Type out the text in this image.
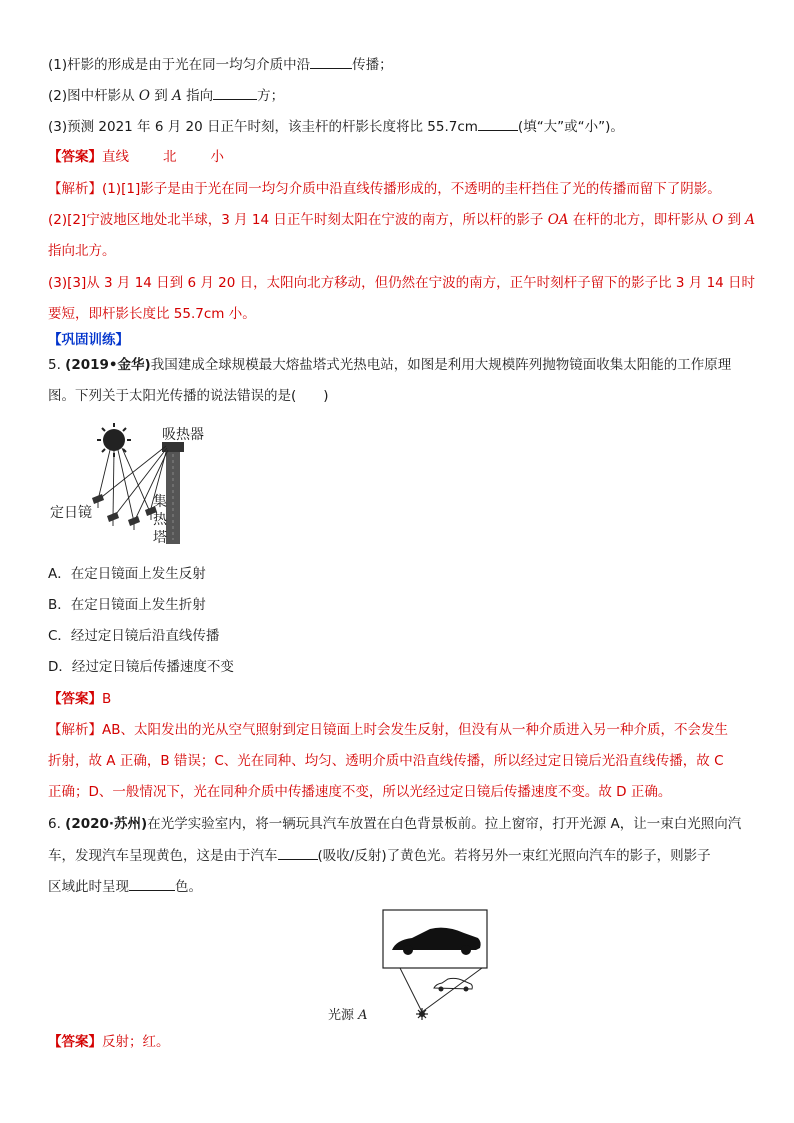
(1)杆影的形成是由于光在同一均匀介质中沿	传播；
(2)图中杆影从 O 到 A 指向	方；
(3)预测 2021 年 6 月 20 日正午时刻，该圭杆的杆影长度将比 55.7cm	(填“大”或“小”)。
【答案】直线	北	小
【解析】(1)[1]影子是由于光在同一均匀介质中沿直线传播形成的，不透明的圭杆挡住了光的传播而留下了阴影。
(2)[2]宁波地区地处北半球，3 月 14 日正午时刻太阳在宁波的南方，所以杆的影子 OA 在杆的北方，即杆影从 O 到 A
指向北方。
(3)[3]从 3 月 14 日到 6 月 20 日，太阳向北方移动，但仍然在宁波的南方，正午时刻杆子留下的影子比 3 月 14 日时
要短，即杆影长度比 55.7cm 小。
【巩固训练】
5. (2019•金华)我国建成全球规模最大熔盐塔式光热电站，如图是利用大规模阵列抛物镜面收集太阳能的工作原理
图。下列关于太阳光传播的说法错误的是(　　)
吸热器
定日镜
集
热
塔
A．在定日镜面上发生反射
B．在定日镜面上发生折射
C．经过定日镜后沿直线传播
D．经过定日镜后传播速度不变
【答案】B
【解析】AB、太阳发出的光从空气照射到定日镜面上时会发生反射，但没有从一种介质进入另一种介质，不会发生
折射，故 A 正确，B 错误；C、光在同种、均匀、透明介质中沿直线传播，所以经过定日镜后光沿直线传播，故 C
正确；D、一般情况下，光在同种介质中传播速度不变，所以光经过定日镜后传播速度不变。故 D 正确。
6. (2020·苏州)在光学实验室内，将一辆玩具汽车放置在白色背景板前。拉上窗帘，打开光源 A，让一束白光照向汽
车，发现汽车呈现黄色，这是由于汽车	(吸收/反射)了黄色光。若将另外一束红光照向汽车的影子，则影子
区域此时呈现	色。
光源 A
【答案】反射；红。
